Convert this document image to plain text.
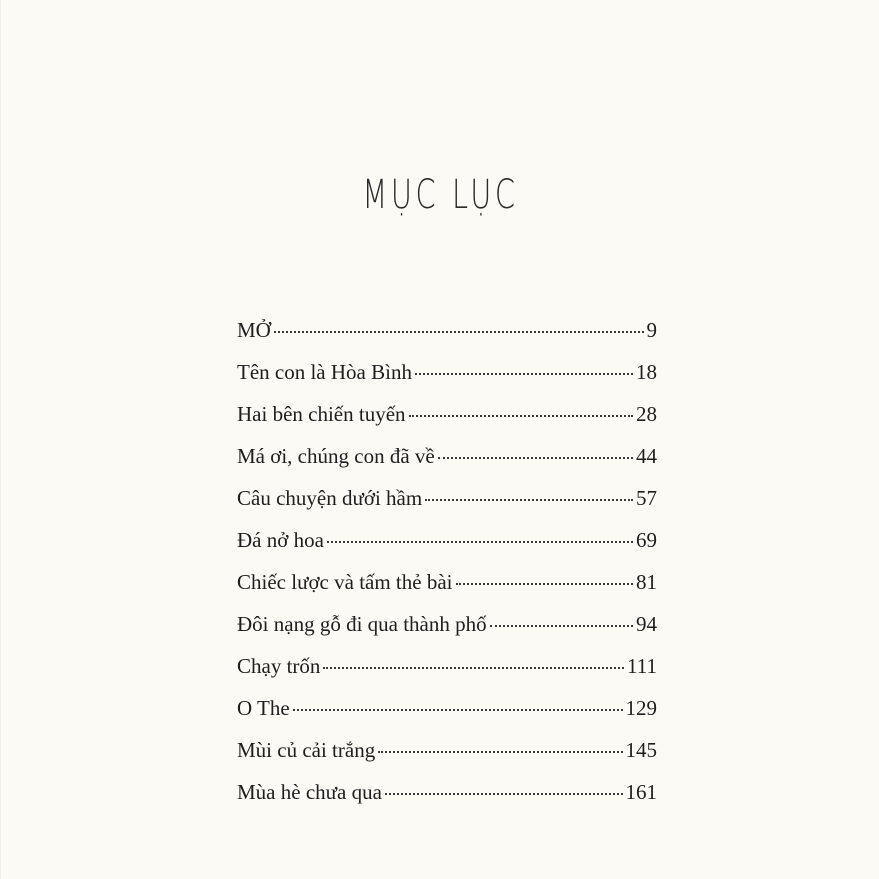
MỤC LỤC
MỞ	9
Tên con là Hòa Bình	18
Hai bên chiến tuyến	28
Má ơi, chúng con đã về	44
Câu chuyện dưới hầm	57
Đá nở hoa	69
Chiếc lược và tấm thẻ bài	81
Đôi nạng gỗ đi qua thành phố	94
Chạy trốn	111
O The	129
Mùi củ cải trắng	145
Mùa hè chưa qua	161
